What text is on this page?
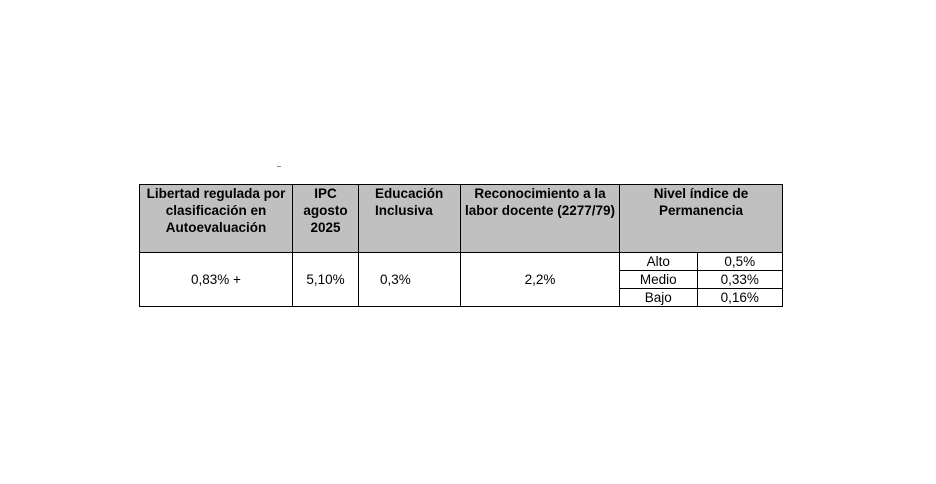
Libertad regulada por clasificación en Autoevaluación	IPC agosto 2025	Educación Inclusiva	Reconocimiento a la labor docente (2277/79)	Nivel índice de Permanencia
0,83% +	5,10%	0,3%	2,2%	
Alto	0,5%
Medio	0,33%
Bajo	0,16%
